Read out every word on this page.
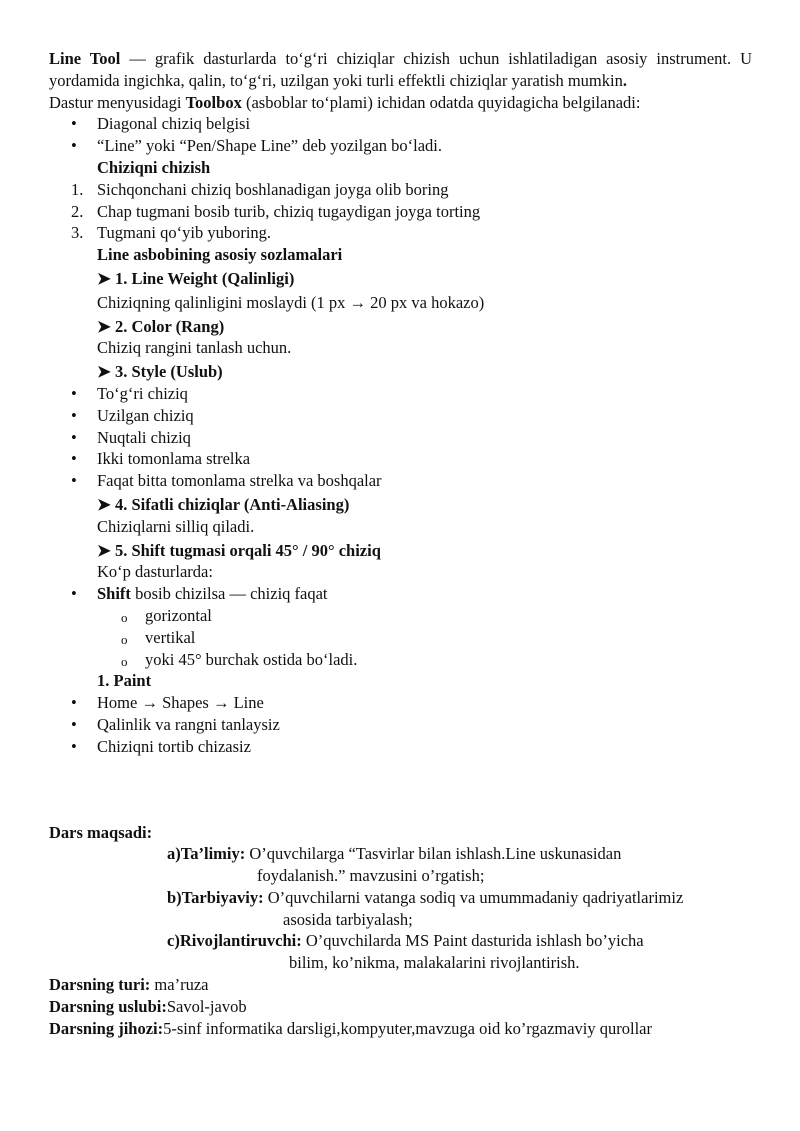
Line Tool — grafik dasturlarda to‘g‘ri chiziqlar chizish uchun ishlatiladigan asosiy instrument. U yordamida ingichka, qalin, to‘g‘ri, uzilgan yoki turli effektli chiziqlar yaratish mumkin.

Dastur menyusidagi Toolbox (asboblar to‘plami) ichidan odatda quyidagicha belgilanadi:

• Diagonal chiziq belgisi
• “Line” yoki “Pen/Shape Line” deb yozilgan bo‘ladi.

Chiziqni chizish

1. Sichqonchani chiziq boshlanadigan joyga olib boring
2. Chap tugmani bosib turib, chiziq tugaydigan joyga torting
3. Tugmani qo‘yib yuboring.

Line asbobining asosiy sozlamalari

➤ 1. Line Weight (Qalinligi)

Chiziqning qalinligini moslaydi (1 px → 20 px va hokazo)

➤ 2. Color (Rang)

Chiziq rangini tanlash uchun.

➤ 3. Style (Uslub)

• To‘g‘ri chiziq
• Uzilgan chiziq
• Nuqtali chiziq
• Ikki tomonlama strelka
• Faqat bitta tomonlama strelka va boshqalar

➤ 4. Sifatli chiziqlar (Anti-Aliasing)

Chiziqlarni silliq qiladi.

➤ 5. Shift tugmasi orqali 45° / 90° chiziq

Ko‘p dasturlarda:

• Shift bosib chizilsa — chiziq faqat
o gorizontal
o vertikal
o yoki 45° burchak ostida bo‘ladi.

1. Paint

• Home → Shapes → Line
• Qalinlik va rangni tanlaysiz
• Chiziqni tortib chizasiz

Dars maqsadi:

a)Ta’limiy: O’quvchilarga “Tasvirlar bilan ishlash.Line uskunasidan

foydalanish.” mavzusini o’rgatish;

b)Tarbiyaviy: O’quvchilarni vatanga sodiq va umummadaniy qadriyatlarimiz

asosida tarbiyalash;

c)Rivojlantiruvchi: O’quvchilarda MS Paint dasturida ishlash bo’yicha

bilim, ko’nikma, malakalarini rivojlantirish.

Darsning turi: ma’ruza

Darsning uslubi:Savol-javob

Darsning jihozi:5-sinf informatika darsligi,kompyuter,mavzuga oid ko’rgazmaviy qurollar
